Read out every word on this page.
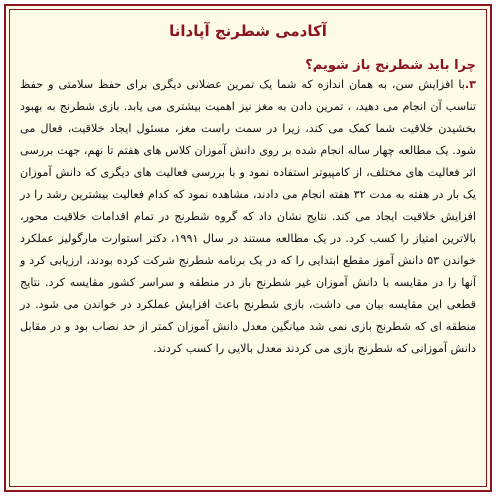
آکادمی شطرنج آپادانا
چرا باید شطرنج باز شویم؟

۳.با افزایش سن، به همان اندازه که شما یک تمرین عضلانی دیگری برای حفظ سلامتی و حفظ تناسب آن انجام می دهید، ، تمرین دادن به مغز نیز اهمیت بیشتری می یابد. بازی شطرنج به بهبود بخشیدن خلاقیت شما کمک می کند، زیرا در سمت راست مغز، مسئول ایجاد خلاقیت، فعال می شود. یک مطالعه چهار ساله انجام شده بر روی دانش آموزان کلاس های هفتم تا نهم، جهت بررسی اثر فعالیت های مختلف، از کامپیوتر استفاده نمود و با بررسی فعالیت های دیگری که دانش آموزان یک بار در هفته به مدت ۳۲ هفته انجام می دادند، مشاهده نمود که کدام فعالیت بیشترین رشد را در افزایش خلاقیت ایجاد می کند. نتایج نشان داد که گروه شطرنج در تمام اقدامات خلاقیت محور، بالاترین امتیاز را کسب کرد. در یک مطالعه مستند در سال ۱۹۹۱، دکتر استوارت مارگولیز عملکرد خواندن ۵۳ دانش آموز مقطع ابتدایی را که در یک برنامه شطرنج شرکت کرده بودند، ارزیابی کرد و آنها را در مقایسه با دانش آموزان غیر شطرنج باز در منطقه و سراسر کشور مقایسه کرد. نتایج قطعی این مقایسه بیان می داشت، بازی شطرنج باعث افزایش عملکرد در خواندن می شود. در منطقه ای که شطرنج بازی نمی شد میانگین معدل دانش آموزان کمتر از حد نصاب بود و در مقابل دانش آموزانی که شطرنج بازی می کردند معدل بالایی را کسب کردند.
